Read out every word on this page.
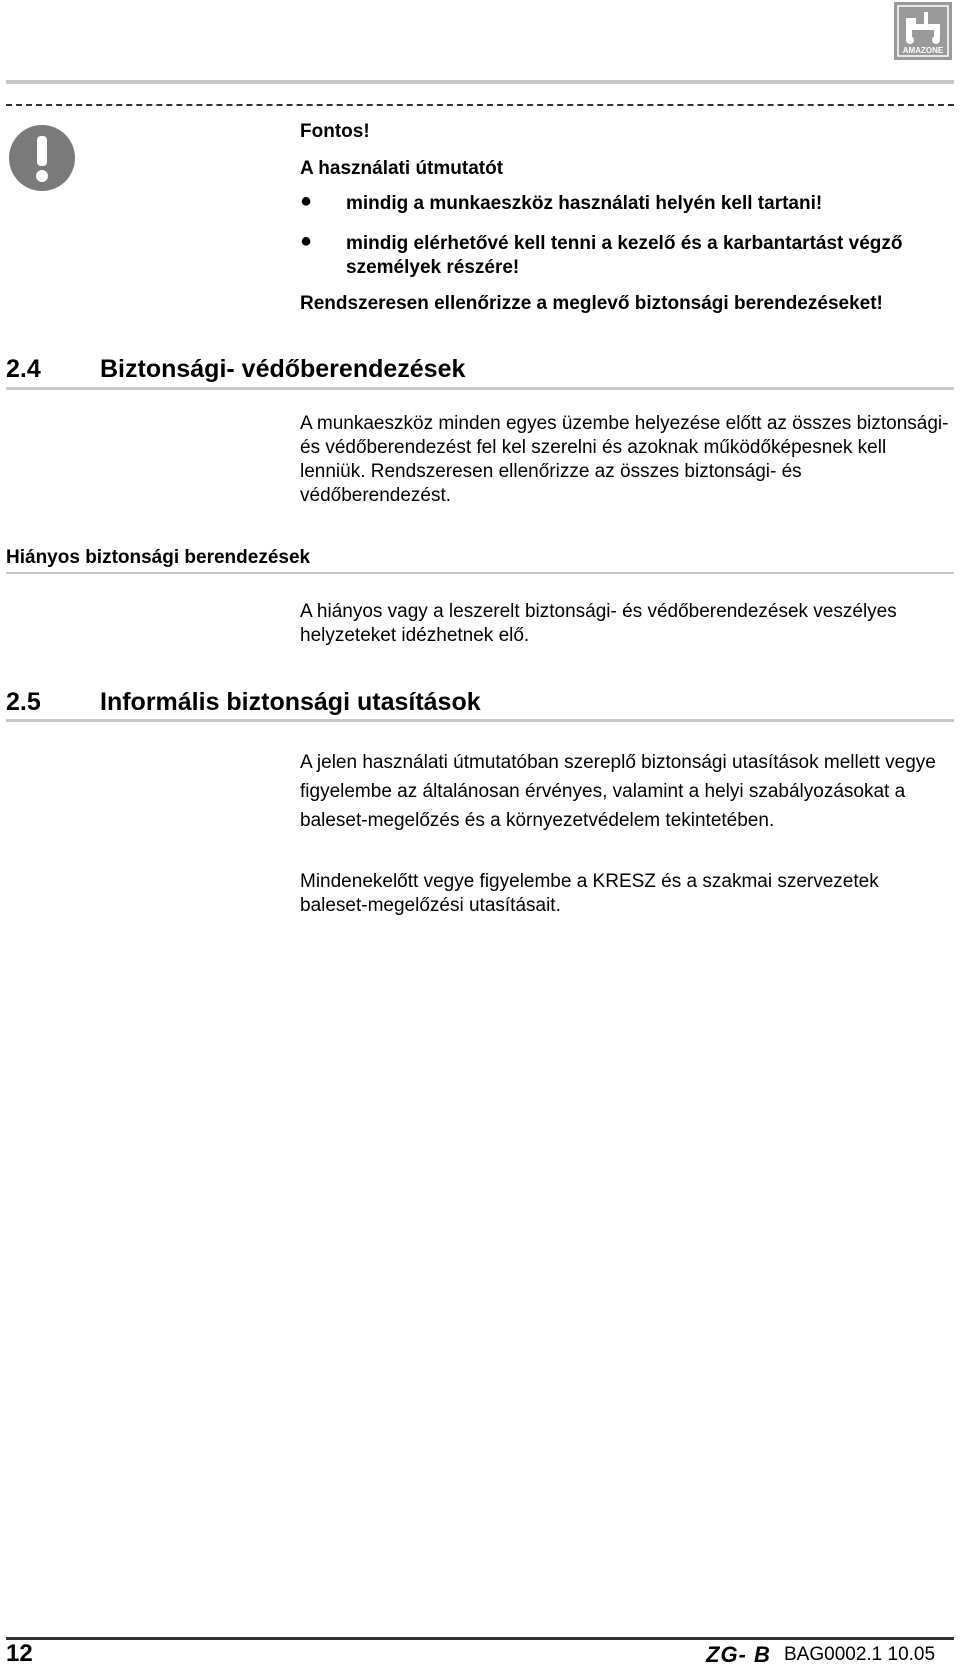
AMAZONE
Fontos!
A használati útmutatót
●	mindig a munkaeszköz használati helyén kell tartani!
●	mindig elérhetővé kell tenni a kezelő és a karbantartást végző személyek részére!
Rendszeresen ellenőrizze a meglevő biztonsági berendezéseket!
2.4 Biztonsági- védőberendezések
A munkaeszköz minden egyes üzembe helyezése előtt az összes biztonsági- és védőberendezést fel kel szerelni és azoknak működőképesnek kell lenniük. Rendszeresen ellenőrizze az összes biztonsági- és védőberendezést.
Hiányos biztonsági berendezések
A hiányos vagy a leszerelt biztonsági- és védőberendezések veszélyes helyzeteket idézhetnek elő.
2.5 Informális biztonsági utasítások
A jelen használati útmutatóban szereplő biztonsági utasítások mellett vegye figyelembe az általánosan érvényes, valamint a helyi szabályozásokat a baleset-megelőzés és a környezetvédelem tekintetében.
Mindenekelőtt vegye figyelembe a KRESZ és a szakmai szervezetek baleset-megelőzési utasításait.
12	ZG- B BAG0002.1 10.05
